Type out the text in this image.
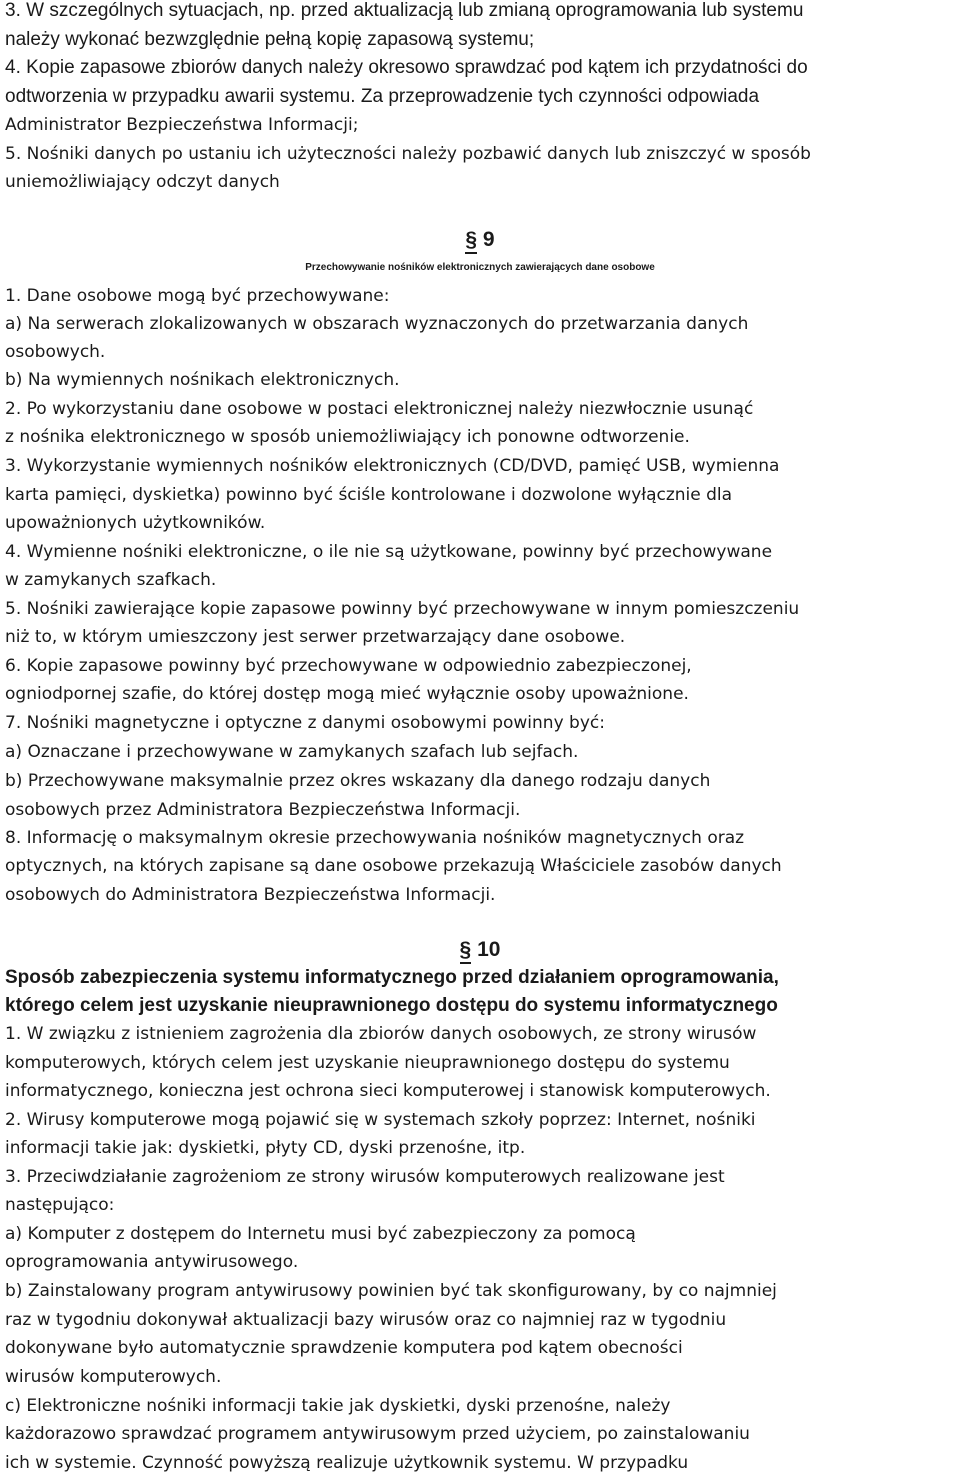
3. W szczególnych sytuacjach, np. przed aktualizacją lub zmianą oprogramowania lub systemu
należy wykonać bezwzględnie pełną kopię zapasową systemu;
4. Kopie zapasowe zbiorów danych należy okresowo sprawdzać pod kątem ich przydatności do
odtworzenia w przypadku awarii systemu. Za przeprowadzenie tych czynności odpowiada
Administrator Bezpieczeństwa Informacji;
5. Nośniki danych po ustaniu ich użyteczności należy pozbawić danych lub zniszczyć w sposób
uniemożliwiający odczyt danych
§ 9
Przechowywanie nośników elektronicznych zawierających dane osobowe
1. Dane osobowe mogą być przechowywane:
a) Na serwerach zlokalizowanych w obszarach wyznaczonych do przetwarzania danych
osobowych.
b) Na wymiennych nośnikach elektronicznych.
2. Po wykorzystaniu dane osobowe w postaci elektronicznej należy niezwłocznie usunąć
z nośnika elektronicznego w sposób uniemożliwiający ich ponowne odtworzenie.
3. Wykorzystanie wymiennych nośników elektronicznych (CD/DVD, pamięć USB, wymienna
karta pamięci, dyskietka) powinno być ściśle kontrolowane i dozwolone wyłącznie dla
upoważnionych użytkowników.
4. Wymienne nośniki elektroniczne, o ile nie są użytkowane, powinny być przechowywane
w zamykanych szafkach.
5. Nośniki zawierające kopie zapasowe powinny być przechowywane w innym pomieszczeniu
niż to, w którym umieszczony jest serwer przetwarzający dane osobowe.
6. Kopie zapasowe powinny być przechowywane w odpowiednio zabezpieczonej,
ogniodpornej szafie, do której dostęp mogą mieć wyłącznie osoby upoważnione.
7. Nośniki magnetyczne i optyczne z danymi osobowymi powinny być:
a) Oznaczane i przechowywane w zamykanych szafach lub sejfach.
b) Przechowywane maksymalnie przez okres wskazany dla danego rodzaju danych
osobowych przez Administratora Bezpieczeństwa Informacji.
8. Informację o maksymalnym okresie przechowywania nośników magnetycznych oraz
optycznych, na których zapisane są dane osobowe przekazują Właściciele zasobów danych
osobowych do Administratora Bezpieczeństwa Informacji.
§ 10
Sposób zabezpieczenia systemu informatycznego przed działaniem oprogramowania,
którego celem jest uzyskanie nieuprawnionego dostępu do systemu informatycznego
1. W związku z istnieniem zagrożenia dla zbiorów danych osobowych, ze strony wirusów
komputerowych, których celem jest uzyskanie nieuprawnionego dostępu do systemu
informatycznego, konieczna jest ochrona sieci komputerowej i stanowisk komputerowych.
2. Wirusy komputerowe mogą pojawić się w systemach szkoły poprzez: Internet, nośniki
informacji takie jak: dyskietki, płyty CD, dyski przenośne, itp.
3. Przeciwdziałanie zagrożeniom ze strony wirusów komputerowych realizowane jest
następująco:
a) Komputer z dostępem do Internetu musi być zabezpieczony za pomocą
oprogramowania antywirusowego.
b) Zainstalowany program antywirusowy powinien być tak skonfigurowany, by co najmniej
raz w tygodniu dokonywał aktualizacji bazy wirusów oraz co najmniej raz w tygodniu
dokonywane było automatycznie sprawdzenie komputera pod kątem obecności
wirusów komputerowych.
c) Elektroniczne nośniki informacji takie jak dyskietki, dyski przenośne, należy
każdorazowo sprawdzać programem antywirusowym przed użyciem, po zainstalowaniu
ich w systemie. Czynność powyższą realizuje użytkownik systemu. W przypadku
